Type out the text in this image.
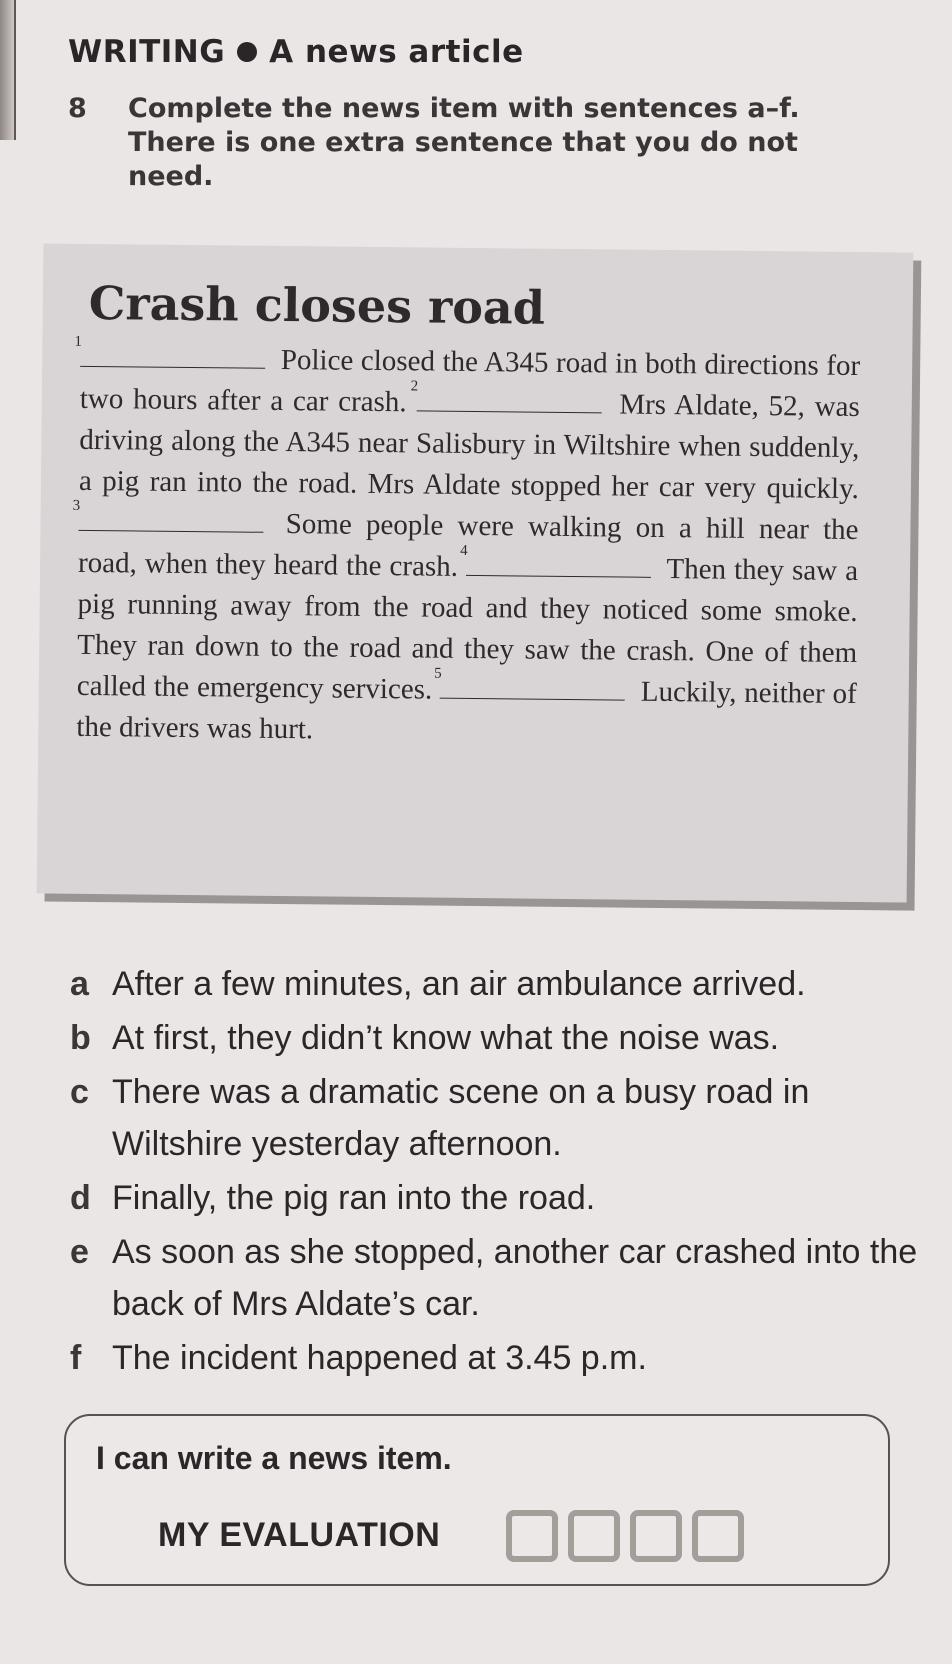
WRITING A news article
8 Complete the news item with sentences a–f. There is one extra sentence that you do not need.
Crash closes road
1
Police closed the A345 road in both directions for two hours after a car crash. 2
Mrs Aldate, 52, was driving along the A345 near Salisbury in Wiltshire when suddenly, a pig ran into the road. Mrs Aldate stopped her car very quickly.
3
Some people were walking on a hill near the road, when they heard the crash. 4
Then they saw a pig running away from the road and they noticed some smoke. They ran down to the road and they saw the crash. One of them called the emergency services. 5
Luckily, neither of the drivers was hurt.
a After a few minutes, an air ambulance arrived.
b At first, they didn’t know what the noise was.
c There was a dramatic scene on a busy road in Wiltshire yesterday afternoon.
d Finally, the pig ran into the road.
e As soon as she stopped, another car crashed into the back of Mrs Aldate’s car.
f The incident happened at 3.45 p.m.
I can write a news item.
MY EVALUATION
